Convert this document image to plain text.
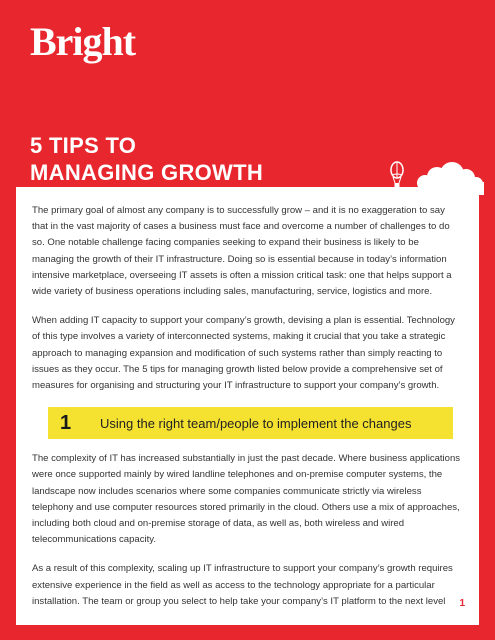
Bright
5 TIPS TO
MANAGING GROWTH

The primary goal of almost any company is to successfully grow – and it is no exaggeration to say that in the vast majority of cases a business must face and overcome a number of challenges to do so. One notable challenge facing companies seeking to expand their business is likely to be managing the growth of their IT infrastructure. Doing so is essential because in today’s information intensive marketplace, overseeing IT assets is often a mission critical task: one that helps support a wide variety of business operations including sales, manufacturing, service, logistics and more.

When adding IT capacity to support your company’s growth, devising a plan is essential. Technology of this type involves a variety of interconnected systems, making it crucial that you take a strategic approach to managing expansion and modification of such systems rather than simply reacting to issues as they occur. The 5 tips for managing growth listed below provide a comprehensive set of measures for organising and structuring your IT infrastructure to support your company’s growth.

1	Using the right team/people to implement the changes

The complexity of IT has increased substantially in just the past decade. Where business applications were once supported mainly by wired landline telephones and on-premise computer systems, the landscape now includes scenarios where some companies communicate strictly via wireless telephony and use computer resources stored primarily in the cloud. Others use a mix of approaches, including both cloud and on-premise storage of data, as well as, both wireless and wired telecommunications capacity.

As a result of this complexity, scaling up IT infrastructure to support your company’s growth requires extensive experience in the field as well as access to the technology appropriate for a particular installation. The team or group you select to help take your company’s IT platform to the next level	1
